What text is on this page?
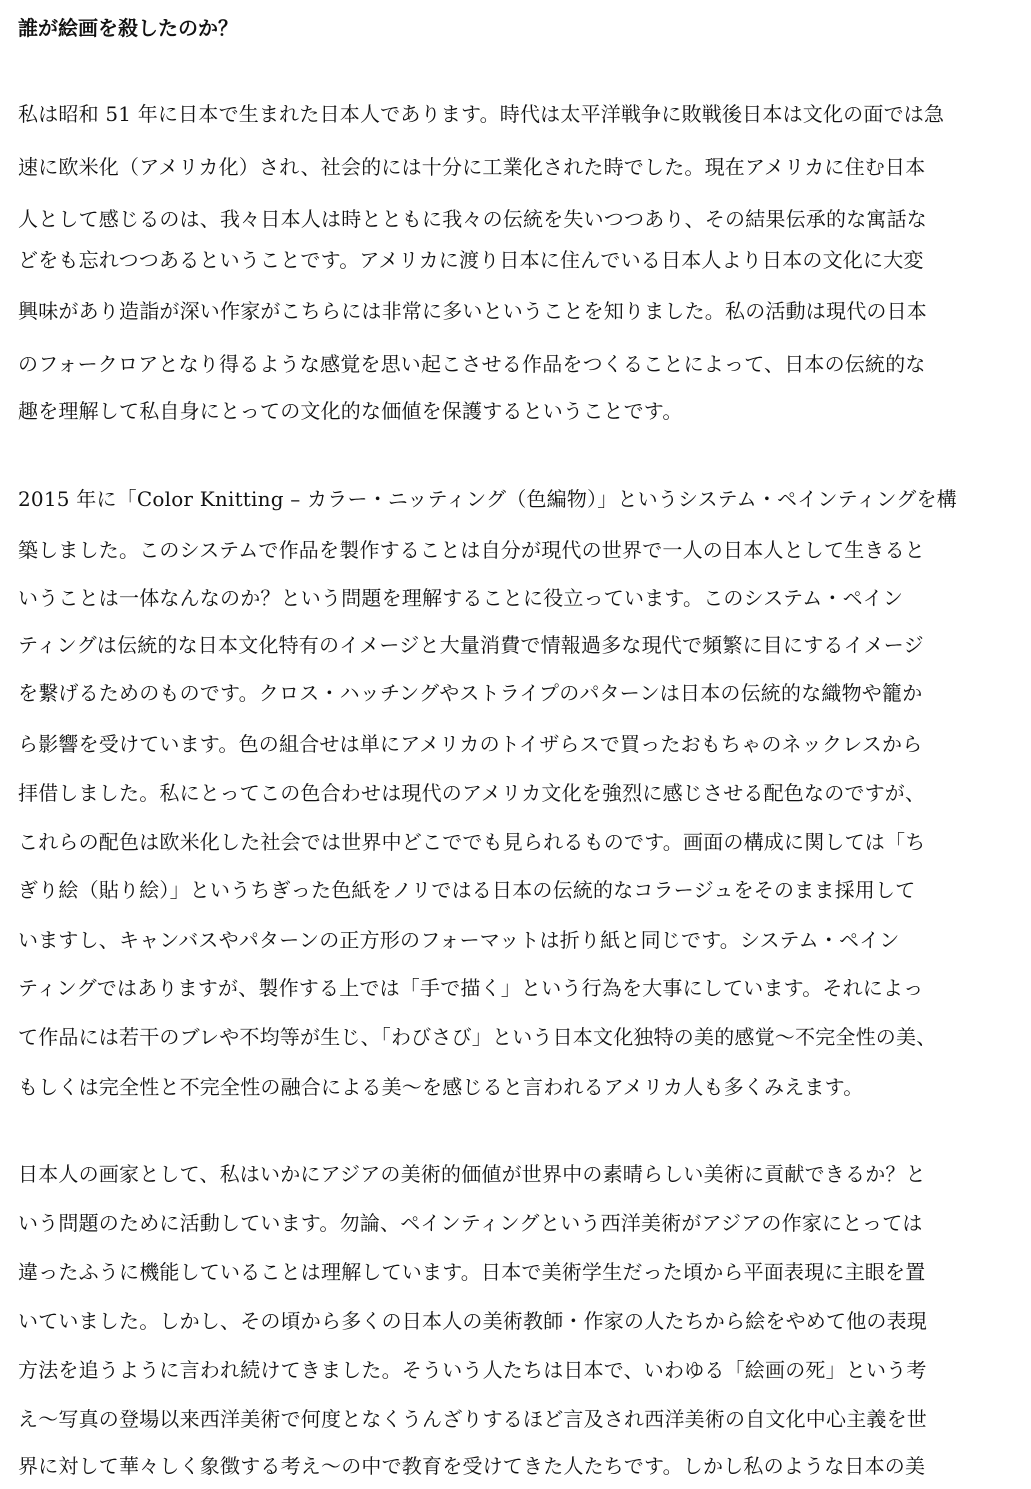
誰が絵画を殺したのか？

私は昭和 51 年に日本で生まれた日本人であります。時代は太平洋戦争に敗戦後日本は文化の面では急

速に欧米化（アメリカ化）され、社会的には十分に工業化された時でした。現在アメリカに住む日本

人として感じるのは、我々日本人は時とともに我々の伝統を失いつつあり、その結果伝承的な寓話な

どをも忘れつつあるということです。アメリカに渡り日本に住んでいる日本人より日本の文化に大変

興味があり造詣が深い作家がこちらには非常に多いということを知りました。私の活動は現代の日本

のフォークロアとなり得るような感覚を思い起こさせる作品をつくることによって、日本の伝統的な

趣を理解して私自身にとっての文化的な価値を保護するということです。

2015 年に「Color Knitting – カラー・ニッティング（色編物）」というシステム・ペインティングを構

築しました。このシステムで作品を製作することは自分が現代の世界で一人の日本人として生きると

いうことは一体なんなのか？という問題を理解することに役立っています。このシステム・ペイン

ティングは伝統的な日本文化特有のイメージと大量消費で情報過多な現代で頻繁に目にするイメージ

を繋げるためのものです。クロス・ハッチングやストライプのパターンは日本の伝統的な織物や籠か

ら影響を受けています。色の組合せは単にアメリカのトイザらスで買ったおもちゃのネックレスから

拝借しました。私にとってこの色合わせは現代のアメリカ文化を強烈に感じさせる配色なのですが、

これらの配色は欧米化した社会では世界中どこででも見られるものです。画面の構成に関しては「ち

ぎり絵（貼り絵）」というちぎった色紙をノリではる日本の伝統的なコラージュをそのまま採用して

いますし、キャンバスやパターンの正方形のフォーマットは折り紙と同じです。システム・ペイン

ティングではありますが、製作する上では「手で描く」という行為を大事にしています。それによっ

て作品には若干のブレや不均等が生じ、「わびさび」という日本文化独特の美的感覚～不完全性の美、

もしくは完全性と不完全性の融合による美～を感じると言われるアメリカ人も多くみえます。

日本人の画家として、私はいかにアジアの美術的価値が世界中の素晴らしい美術に貢献できるか？と

いう問題のために活動しています。勿論、ペインティングという西洋美術がアジアの作家にとっては

違ったふうに機能していることは理解しています。日本で美術学生だった頃から平面表現に主眼を置

いていました。しかし、その頃から多くの日本人の美術教師・作家の人たちから絵をやめて他の表現

方法を追うように言われ続けてきました。そういう人たちは日本で、いわゆる「絵画の死」という考

え～写真の登場以来西洋美術で何度となくうんざりするほど言及され西洋美術の自文化中心主義を世

界に対して華々しく象徴する考え～の中で教育を受けてきた人たちです。しかし私のような日本の美
